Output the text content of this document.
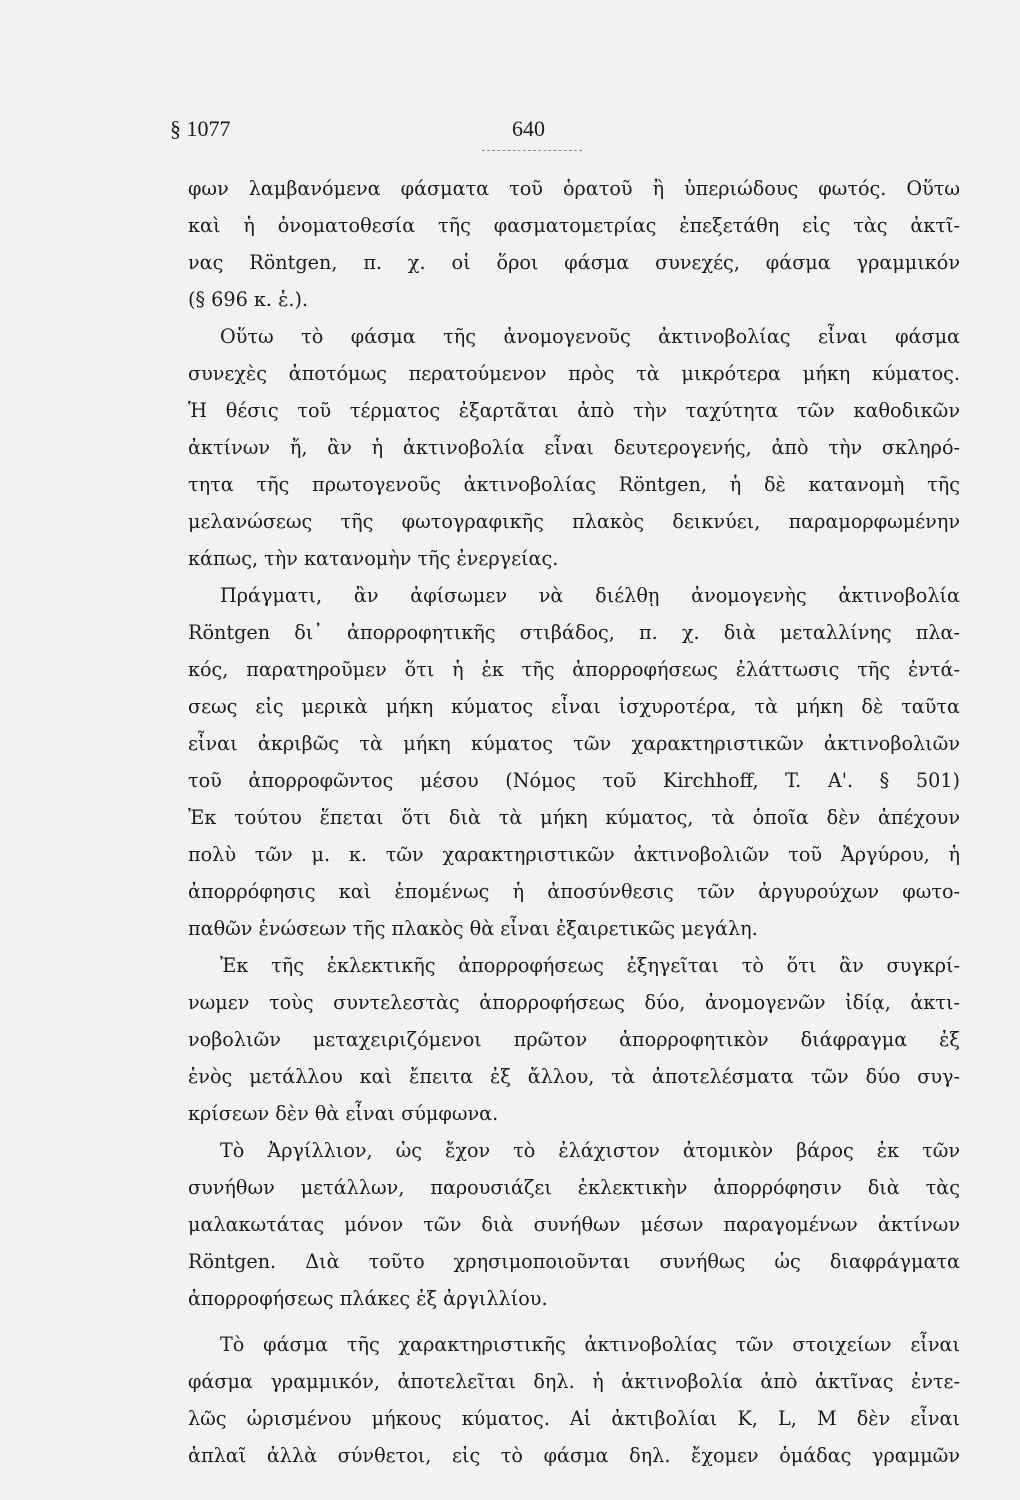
§ 1077	640
φων λαμβανόμενα φάσματα τοῦ ὁρατοῦ ἢ ὑπεριώδους φωτός. Οὕτω
καὶ ἡ ὀνοματοθεσία τῆς φασματομετρίας ἐπεξετάθη εἰς τὰς ἀκτῖ-
νας Röntgen, π. χ. οἱ ὅροι φάσμα συνεχές, φάσμα γραμμικόν
(§ 696 κ. ἑ.).
Οὕτω τὸ φάσμα τῆς ἀνομογενοῦς ἀκτινοβολίας εἶναι φάσμα
συνεχὲς ἀποτόμως περατούμενον πρὸς τὰ μικρότερα μήκη κύματος.
Ἡ θέσις τοῦ τέρματος ἐξαρτᾶται ἀπὸ τὴν ταχύτητα τῶν καθοδικῶν
ἀκτίνων ἤ, ἂν ἡ ἀκτινοβολία εἶναι δευτερογενής, ἀπὸ τὴν σκληρό-
τητα τῆς πρωτογενοῦς ἀκτινοβολίας Röntgen, ἡ δὲ κατανομὴ τῆς
μελανώσεως τῆς φωτογραφικῆς πλακὸς δεικνύει, παραμορφωμένην
κάπως, τὴν κατανομὴν τῆς ἐνεργείας.
Πράγματι, ἂν ἀφίσωμεν νὰ διέλθῃ ἀνομογενὴς ἀκτινοβολία
Röntgen δι᾽ ἀπορροφητικῆς στιβάδος, π. χ. διὰ μεταλλίνης πλα-
κός, παρατηροῦμεν ὅτι ἡ ἐκ τῆς ἀπορροφήσεως ἐλάττωσις τῆς ἐντά-
σεως εἰς μερικὰ μήκη κύματος εἶναι ἰσχυροτέρα, τὰ μήκη δὲ ταῦτα
εἶναι ἀκριβῶς τὰ μήκη κύματος τῶν χαρακτηριστικῶν ἀκτινοβολιῶν
τοῦ ἀπορροφῶντος μέσου (Νόμος τοῦ Kirchhoff, T. A'. § 501)
Ἐκ τούτου ἕπεται ὅτι διὰ τὰ μήκη κύματος, τὰ ὁποῖα δὲν ἀπέχουν
πολὺ τῶν μ. κ. τῶν χαρακτηριστικῶν ἀκτινοβολιῶν τοῦ Ἀργύρου, ἡ
ἀπορρόφησις καὶ ἑπομένως ἡ ἀποσύνθεσις τῶν ἀργυρούχων φωτο-
παθῶν ἑνώσεων τῆς πλακὸς θὰ εἶναι ἐξαιρετικῶς μεγάλη.
Ἐκ τῆς ἐκλεκτικῆς ἀπορροφήσεως ἐξηγεῖται τὸ ὅτι ἂν συγκρί-
νωμεν τοὺς συντελεστὰς ἀπορροφήσεως δύο, ἀνομογενῶν ἰδίᾳ, ἀκτι-
νοβολιῶν μεταχειριζόμενοι πρῶτον ἀπορροφητικὸν διάφραγμα ἐξ
ἑνὸς μετάλλου καὶ ἔπειτα ἐξ ἄλλου, τὰ ἀποτελέσματα τῶν δύο συγ-
κρίσεων δὲν θὰ εἶναι σύμφωνα.
Τὸ Ἀργίλλιον, ὡς ἔχον τὸ ἐλάχιστον ἀτομικὸν βάρος ἐκ τῶν
συνήθων μετάλλων, παρουσιάζει ἐκλεκτικὴν ἀπορρόφησιν διὰ τὰς
μαλακωτάτας μόνον τῶν διὰ συνήθων μέσων παραγομένων ἀκτίνων
Röntgen. Διὰ τοῦτο χρησιμοποιοῦνται συνήθως ὡς διαφράγματα
ἀπορροφήσεως πλάκες ἐξ ἀργιλλίου.
Τὸ φάσμα τῆς χαρακτηριστικῆς ἀκτινοβολίας τῶν στοιχείων εἶναι
φάσμα γραμμικόν, ἀποτελεῖται δηλ. ἡ ἀκτινοβολία ἀπὸ ἀκτῖνας ἐντε-
λῶς ὡρισμένου μήκους κύματος. Αἱ ἀκτιβολίαι K, L, M δὲν εἶναι
ἁπλαῖ ἀλλὰ σύνθετοι, εἰς τὸ φάσμα δηλ. ἔχομεν ὁμάδας γραμμῶν
